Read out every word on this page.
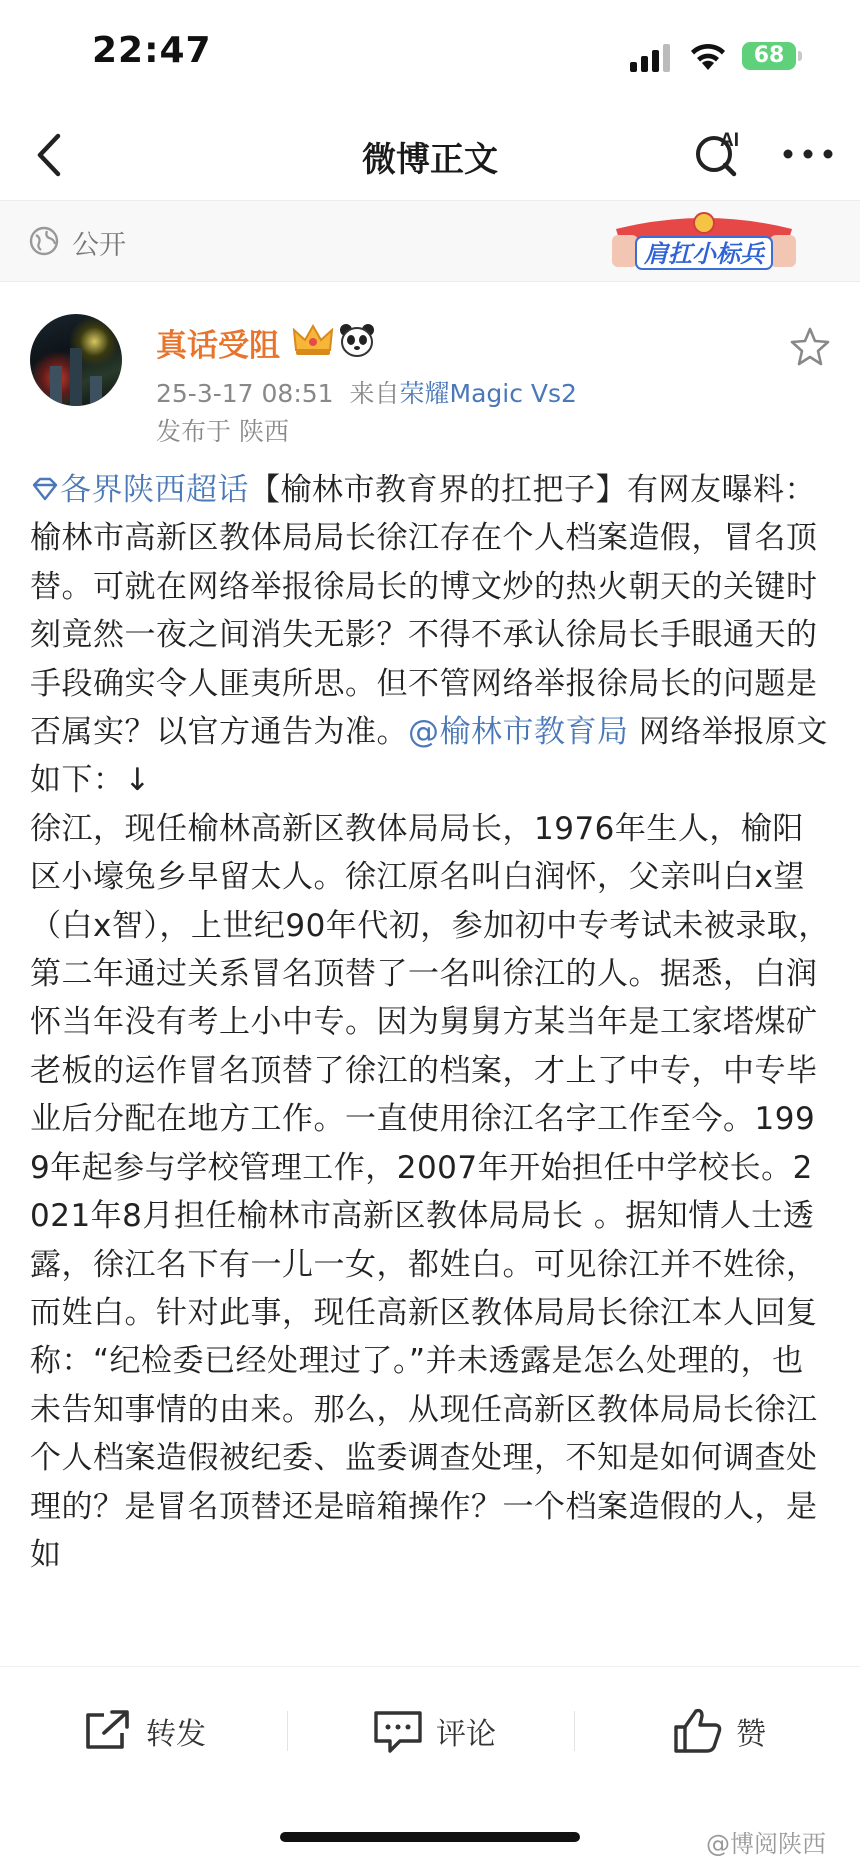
22:47	68
微博正文	AI
公开	肩扛小标兵
真话受阻
25-3-17 08:51 来自荣耀Magic Vs2
发布于 陕西
各界陕西超话【榆林市教育界的扛把子】有网友曝料：榆林市高新区教体局局长徐江存在个人档案造假，冒名顶替。可就在网络举报徐局长的博文炒的热火朝天的关键时刻竟然一夜之间消失无影？不得不承认徐局长手眼通天的手段确实令人匪夷所思。但不管网络举报徐局长的问题是否属实？以官方通告为准。@榆林市教育局 网络举报原文如下：↓
徐江，现任榆林高新区教体局局长，1976年生人，榆阳区小壕兔乡早留太人。徐江原名叫白润怀，父亲叫白x望（白x智），上世纪90年代初，参加初中专考试未被录取，第二年通过关系冒名顶替了一名叫徐江的人。据悉，白润怀当年没有考上小中专。因为舅舅方某当年是工家塔煤矿老板的运作冒名顶替了徐江的档案，才上了中专，中专毕业后分配在地方工作。一直使用徐江名字工作至今。1999年起参与学校管理工作，2007年开始担任中学校长。2021年8月担任榆林市高新区教体局局长 。据知情人士透露，徐江名下有一儿一女，都姓白。可见徐江并不姓徐，而姓白。针对此事，现任高新区教体局局长徐江本人回复称：“纪检委已经处理过了。”并未透露是怎么处理的，也未告知事情的由来。那么，从现任高新区教体局局长徐江个人档案造假被纪委、监委调查处理，不知是如何调查处理的？是冒名顶替还是暗箱操作？一个档案造假的人，是如
转发	评论	赞
@博阅陕西
